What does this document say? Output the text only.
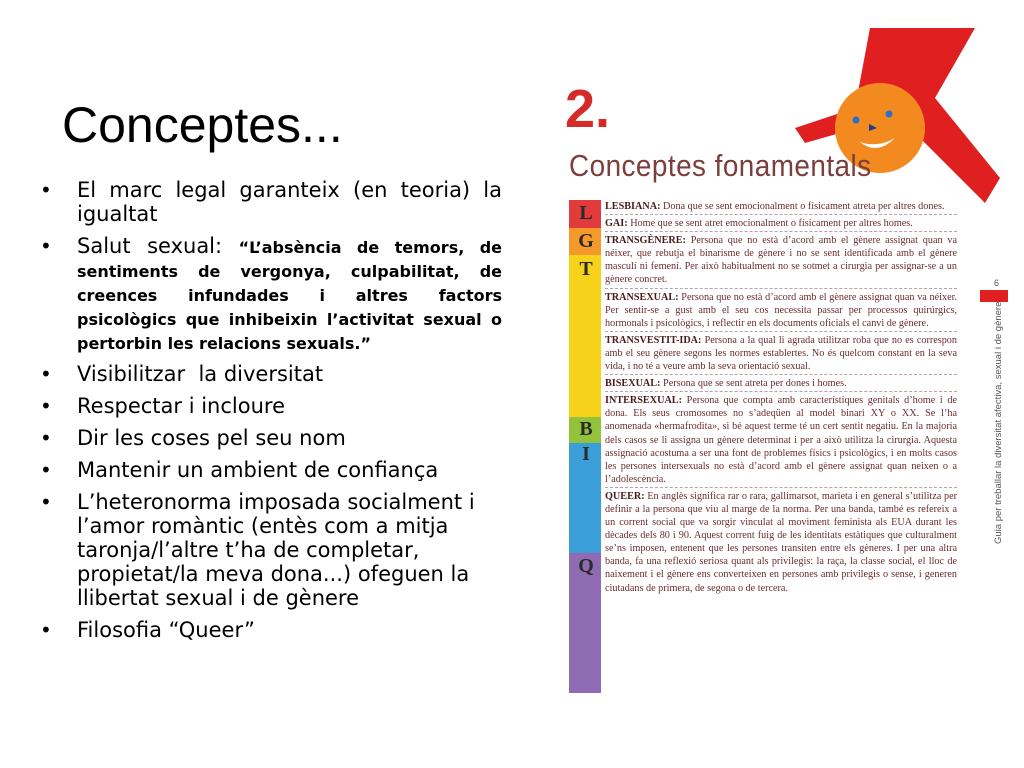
Conceptes...
• El marc legal garanteix (en teoria) la igualtat
• Salut sexual: “L’absència de temors, de sentiments de vergonya, culpabilitat, de creences infundades i altres factors psicològics que inhibeixin l’activitat sexual o pertorbin les relacions sexuals.”
• Visibilitzar  la diversitat
• Respectar i incloure
• Dir les coses pel seu nom
• Mantenir un ambient de confiança
• L’heteronorma imposada socialment i l’amor romàntic (entès com a mitja taronja/l’altre t’ha de completar, propietat/la meva dona...) ofeguen la llibertat sexual i de gènere
• Filosofia “Queer”
2.
Conceptes fonamentals
L
G
T
B
I
Q

LESBIANA: Dona que se sent emocionalment o físicament atreta per altres dones.

GAI: Home que se sent atret emocionalment o físicament per altres homes.

TRANSGÈNERE: Persona que no està d’acord amb el gènere assignat quan va néixer, que rebutja el binarisme de gènere i no se sent identificada amb el gènere masculí ni femení. Per això habitualment no se sotmet a cirurgia per assignar-se a un gènere concret.

TRANSEXUAL: Persona que no està d’acord amb el gènere assignat quan va néixer. Per sentir-se a gust amb el seu cos necessita passar per processos quirúrgics, hormonals i psicològics, i reflectir en els documents oficials el canvi de gènere.

TRANSVESTIT-IDA: Persona a la qual li agrada utilitzar roba que no es correspon amb el seu gènere segons les normes establertes. No és quelcom constant en la seva vida, i no té a veure amb la seva orientació sexual.

BISEXUAL: Persona que se sent atreta per dones i homes.

INTERSEXUAL: Persona que compta amb característiques genitals d’home i de dona. Els seus cromosomes no s’adeqüen al model binari XY o XX. Se l’ha anomenada «hermafrodita», si bé aquest terme té un cert sentit negatiu. En la majoria dels casos se li assigna un gènere determinat i per a això utilitza la cirurgia. Aquesta assignació acostuma a ser una font de problemes físics i psicològics, i en molts casos les persones intersexuals no està d’acord amb el gènere assignat quan neixen o a l’adolescència.

QUEER: En anglès significa rar o rara, gallimarsot, marieta i en general s’utilitza per definir a la persona que viu al marge de la norma. Per una banda, també es refereix a un corrent social que va sorgir vinculat al moviment feminista als EUA durant les dècades dels 80 i 90. Aquest corrent fuig de les identitats estàtiques que culturalment se’ns imposen, entenent que les persones transiten entre els gèneres. I per una altra banda, fa una reflexió seriosa quant als privilegis: la raça, la classe social, el lloc de naixement i el gènere ens converteixen en persones amb privilegis o sense, i generen ciutadans de primera, de segona o de tercera.

6
Guia per treballar la diversitat afectiva, sexual i de gènere
